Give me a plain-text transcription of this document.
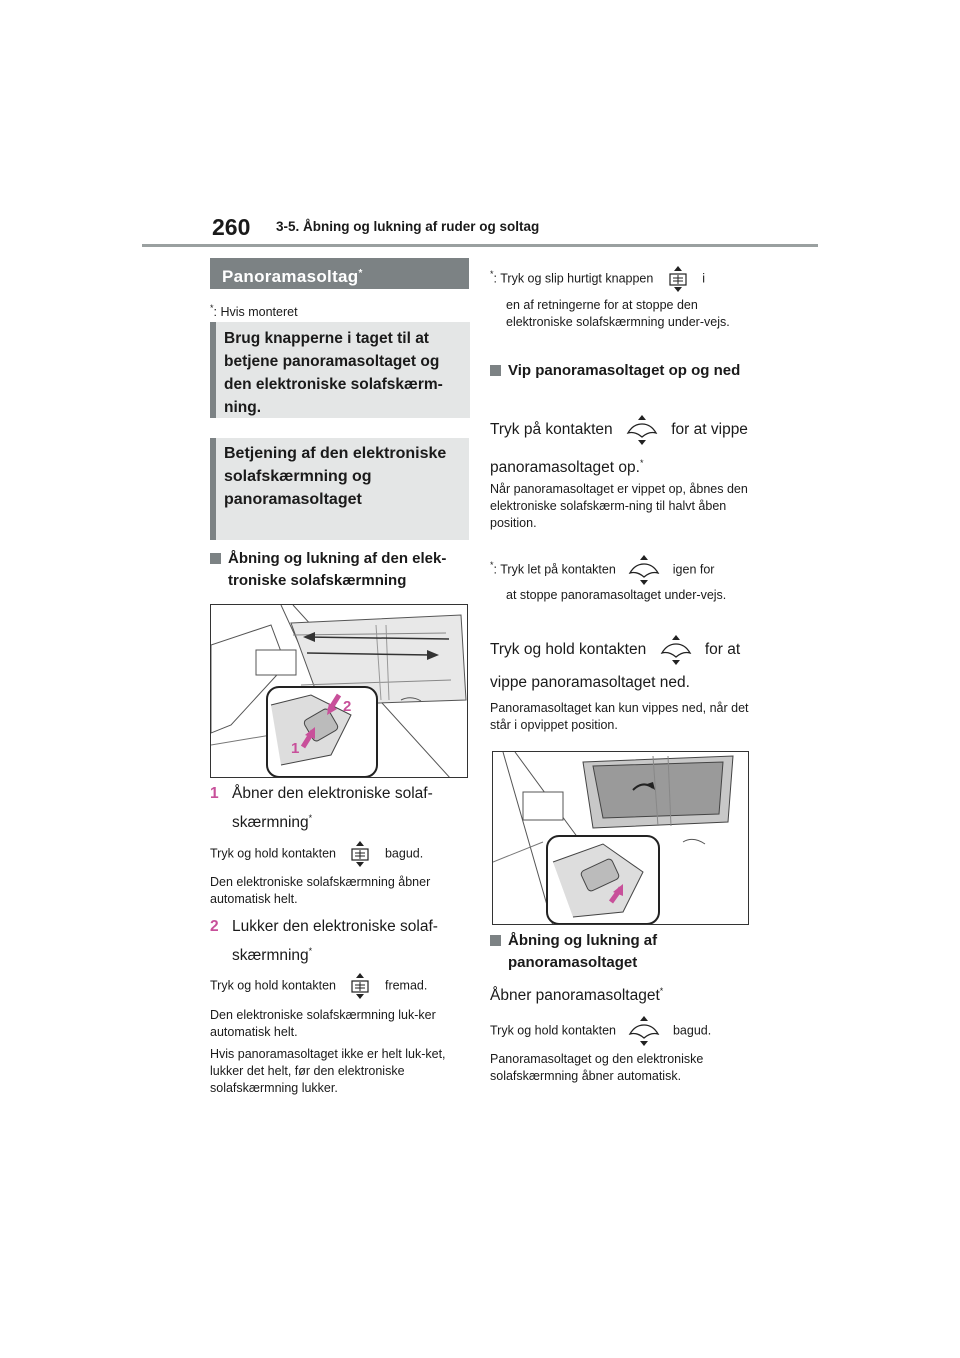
260 3-5. Åbning og lukning af ruder og soltag
Panoramasoltag*
*: Hvis monteret
Brug knapperne i taget til at betjene panoramasoltaget og den elektroniske solafskærm-ning.
Betjening af den elektroniske solafskærmning og panoramasoltaget
Åbning og lukning af den elek-troniske solafskærmning
1
2
1 Åbner den elektroniske solaf-skærmning*
Tryk og hold kontakten	bagud.
Den elektroniske solafskærmning åbner automatisk helt.
2 Lukker den elektroniske solaf-skærmning*
Tryk og hold kontakten	fremad.
Den elektroniske solafskærmning luk-ker automatisk helt.
Hvis panoramasoltaget ikke er helt luk-ket, lukker det helt, før den elektroniske solafskærmning lukker.
*: Tryk og slip hurtigt knappen	i
en af retningerne for at stoppe den elektroniske solafskærmning under-vejs.
Vip panoramasoltaget op og ned
Tryk på kontakten	for at vippe
panoramasoltaget op.*
Når panoramasoltaget er vippet op, åbnes den elektroniske solafskærm-ning til halvt åben position.
*: Tryk let på kontakten	igen for
at stoppe panoramasoltaget under-vejs.
Tryk og hold kontakten	for at
vippe panoramasoltaget ned.
Panoramasoltaget kan kun vippes ned, når det står i opvippet position.
Åbning og lukning af panoramasoltaget
Åbner panoramasoltaget*
Tryk og hold kontakten	bagud.
Panoramasoltaget og den elektroniske solafskærmning åbner automatisk.
